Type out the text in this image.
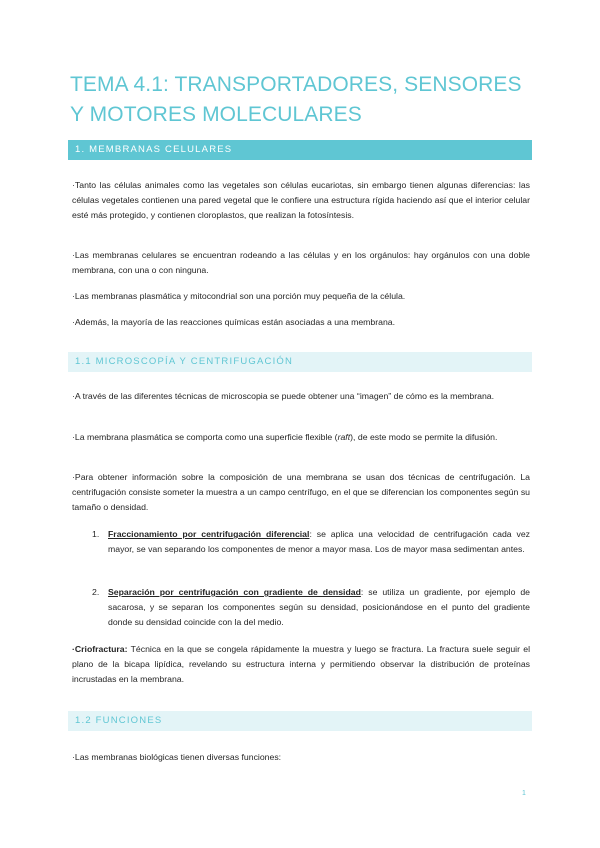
TEMA 4.1: TRANSPORTADORES, SENSORES Y MOTORES MOLECULARES
1. MEMBRANAS CELULARES
·Tanto las células animales como las vegetales son células eucariotas, sin embargo tienen algunas diferencias: las células vegetales contienen una pared vegetal que le confiere una estructura rígida haciendo así que el interior celular esté más protegido, y contienen cloroplastos, que realizan la fotosíntesis.
·Las membranas celulares se encuentran rodeando a las células y en los orgánulos: hay orgánulos con una doble membrana, con una o con ninguna.
·Las membranas plasmática y mitocondrial son una porción muy pequeña de la célula.
·Además, la mayoría de las reacciones químicas están asociadas a una membrana.
1.1 MICROSCOPÍA Y CENTRIFUGACIÓN
·A través de las diferentes técnicas de microscopia se puede obtener una “imagen” de cómo es la membrana.
·La membrana plasmática se comporta como una superficie flexible (raft), de este modo se permite la difusión.
·Para obtener información sobre la composición de una membrana se usan dos técnicas de centrifugación. La centrifugación consiste someter la muestra a un campo centrífugo, en el que se diferencian los componentes según su tamaño o densidad.
1. Fraccionamiento por centrifugación diferencial: se aplica una velocidad de centrifugación cada vez mayor, se van separando los componentes de menor a mayor masa. Los de mayor masa sedimentan antes.
2. Separación por centrifugación con gradiente de densidad: se utiliza un gradiente, por ejemplo de sacarosa, y se separan los componentes según su densidad, posicionándose en el punto del gradiente donde su densidad coincide con la del medio.
·Criofractura: Técnica en la que se congela rápidamente la muestra y luego se fractura. La fractura suele seguir el plano de la bicapa lipídica, revelando su estructura interna y permitiendo observar la distribución de proteínas incrustadas en la membrana.
1.2 FUNCIONES
·Las membranas biológicas tienen diversas funciones:
1
